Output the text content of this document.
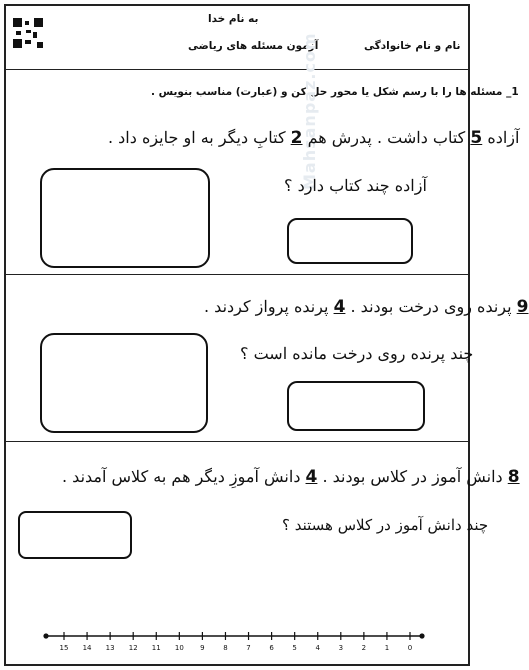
به نام خدا
آزمون مسئله های ریاضی	نام و نام خانوادگی
1_ مسئله ها را با رسم شکل یا محور حل کن و (عبارت) مناسب بنویس .
Mahsanpaz.com	آزاده 5 کتاب داشت . پدرش هم 2 کتابِ دیگر به او جایزه داد .
آزاده چند کتاب دارد ؟
9 پرنده روی درخت بودند . 4 پرنده پرواز کردند .
چند پرنده روی درخت مانده است ؟
8 دانش آموز در کلاس بودند . 4 دانش آموزِ دیگر هم به کلاس آمدند .
چند دانش آموز در کلاس هستند ؟
0
1
2
3
4
5
6
7
8
9
10
11
12
13
14
15
